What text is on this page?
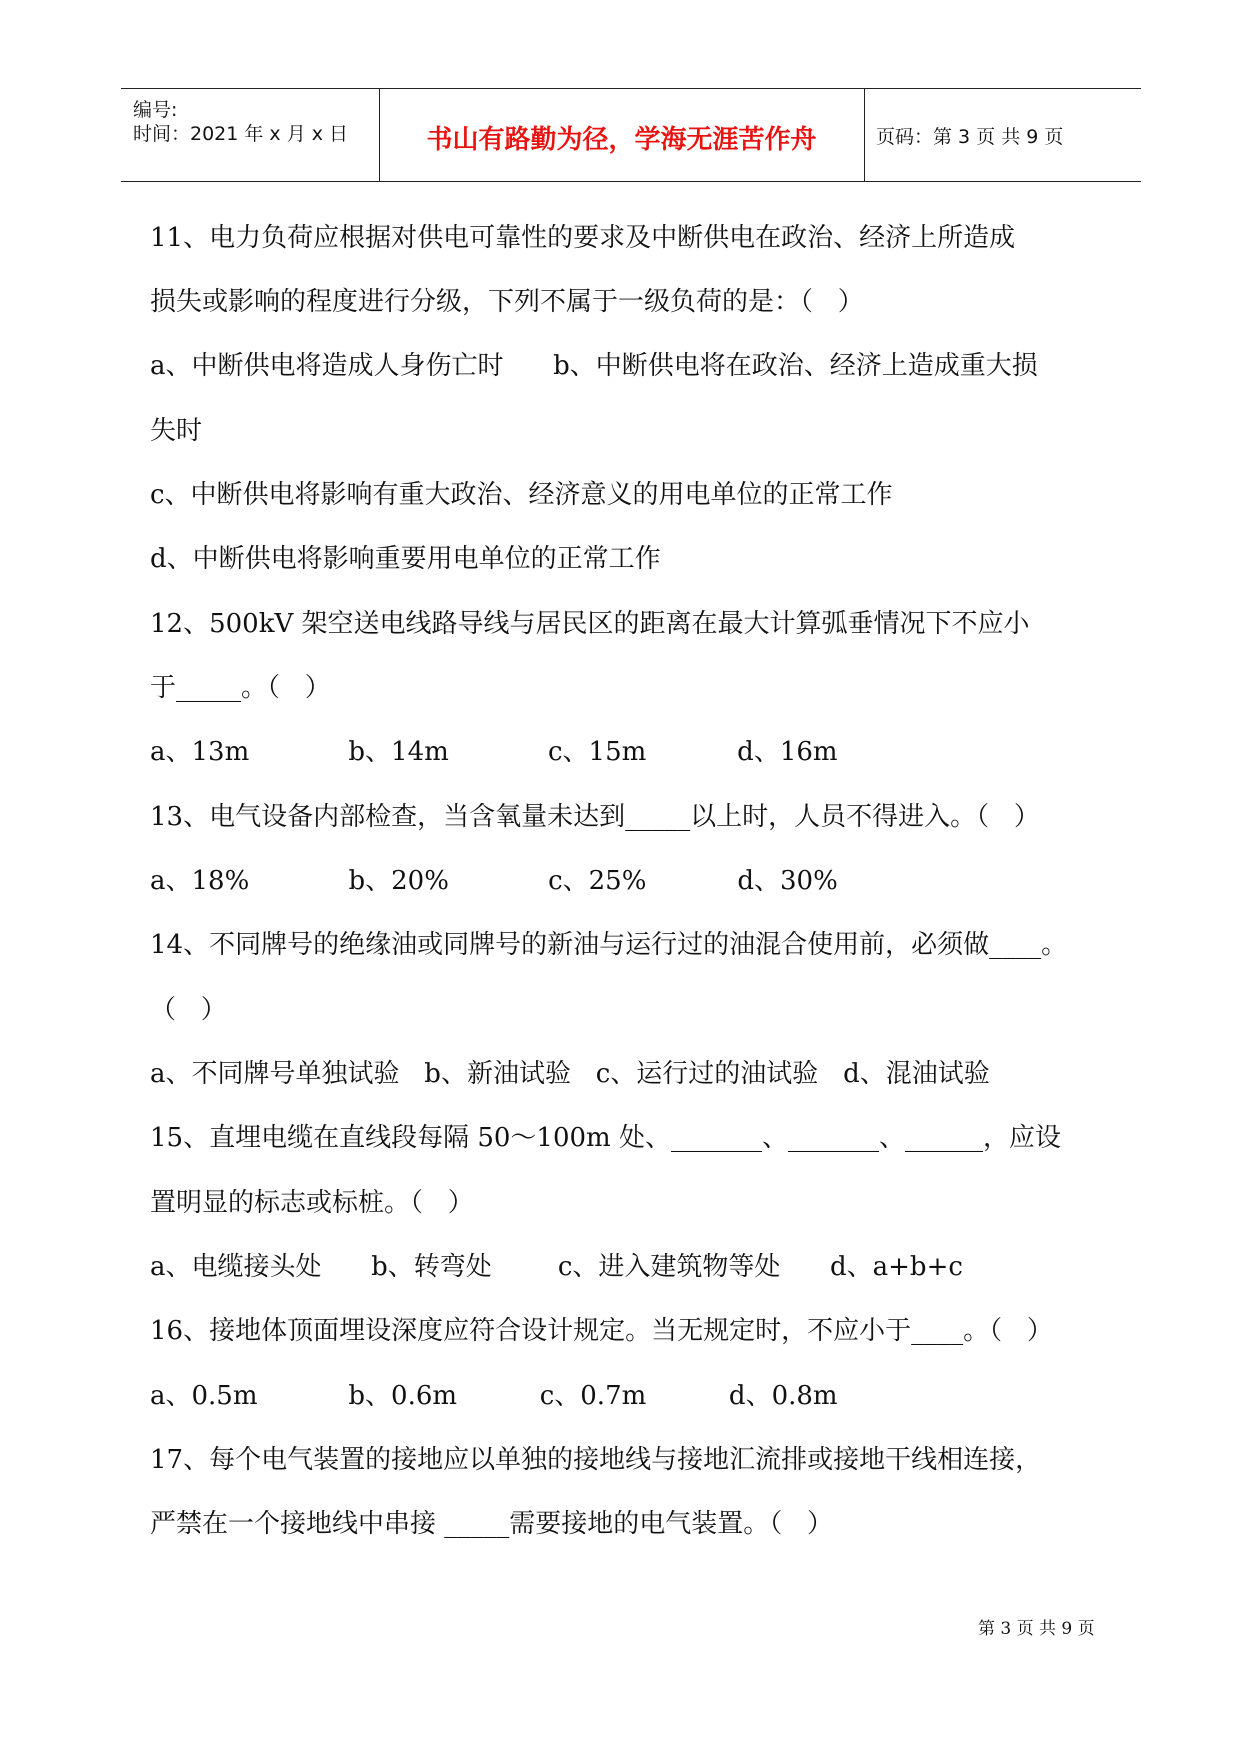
编号:
时间：2021 年 x 月 x 日	书山有路勤为径，学海无涯苦作舟	页码：第 3 页 共 9 页
11、电力负荷应根据对供电可靠性的要求及中断供电在政治、经济上所造成
损失或影响的程度进行分级，下列不属于一级负荷的是：（   ）
a、中断供电将造成人身伤亡时      b、中断供电将在政治、经济上造成重大损
失时
c、中断供电将影响有重大政治、经济意义的用电单位的正常工作
d、中断供电将影响重要用电单位的正常工作
12、500kV 架空送电线路导线与居民区的距离在最大计算弧垂情况下不应小
于_____。（   ）
a、13m            b、14m            c、15m           d、16m
13、电气设备内部检查，当含氧量未达到_____以上时，人员不得进入。（   ）
a、18%            b、20%            c、25%           d、30%
14、不同牌号的绝缘油或同牌号的新油与运行过的油混合使用前，必须做____。
（   ）
a、不同牌号单独试验   b、新油试验   c、运行过的油试验   d、混油试验
15、直埋电缆在直线段每隔 50～100m 处、_______、_______、______，应设
置明显的标志或标桩。（   ）
a、电缆接头处      b、转弯处        c、进入建筑物等处      d、a+b+c
16、接地体顶面埋设深度应符合设计规定。当无规定时，不应小于____。（   ）
a、0.5m           b、0.6m          c、0.7m          d、0.8m
17、每个电气装置的接地应以单独的接地线与接地汇流排或接地干线相连接，
严禁在一个接地线中串接 _____需要接地的电气装置。（   ）
第 3 页 共 9 页
